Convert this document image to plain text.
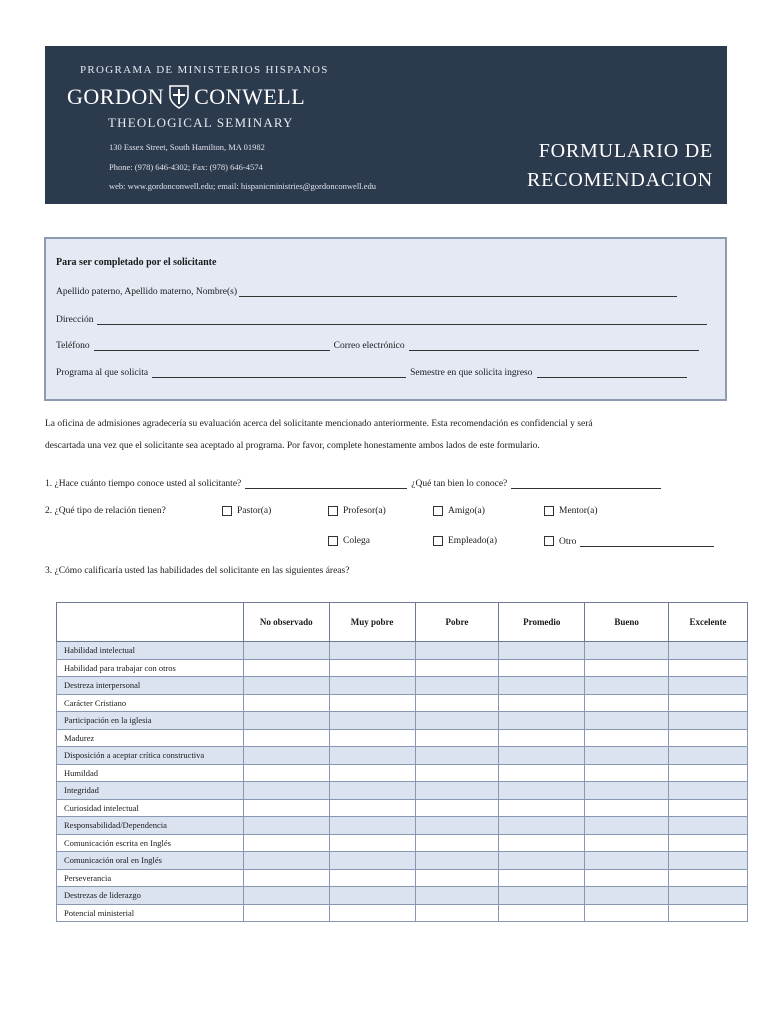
PROGRAMA DE MINISTERIOS HISPANOS
GORDON CONWELL
THEOLOGICAL SEMINARY
130 Essex Street, South Hamilton, MA 01982
Phone: (978) 646-4302; Fax: (978) 646-4574
web: www.gordonconwell.edu; email: hispanicministries@gordonconwell.edu
FORMULARIO DE
RECOMENDACION
Para ser completado por el solicitante
Apellido paterno, Apellido materno, Nombre(s)
Dirección
Teléfono	Correo electrónico
Programa al que solicita	Semestre en que solicita ingreso
La oficina de admisiones agradecería su evaluación acerca del solicitante mencionado anteriormente. Esta recomendación es confidencial y será
descartada una vez que el solicitante sea aceptado al programa. Por favor, complete honestamente ambos lados de este formulario.
1. ¿Hace cuánto tiempo conoce usted al solicitante?	¿Qué tan bien lo conoce?
2. ¿Qué tipo de relación tienen?	Pastor(a)	Profesor(a)	Amigo(a)	Mentor(a)
Colega	Empleado(a)	Otro
3. ¿Cómo calificaría usted las habilidades del solicitante en las siguientes áreas?
	No observado	Muy pobre	Pobre	Promedio	Bueno	Excelente
Habilidad intelectual						
Habilidad para trabajar con otros						
Destreza interpersonal						
Carácter Cristiano						
Participación en la iglesia						
Madurez						
Disposición a aceptar crítica constructiva						
Humildad						
Integridad						
Curiosidad intelectual						
Responsabilidad/Dependencia						
Comunicación escrita en Inglés						
Comunicación oral en Inglés						
Perseverancia						
Destrezas de liderazgo						
Potencial ministerial						
